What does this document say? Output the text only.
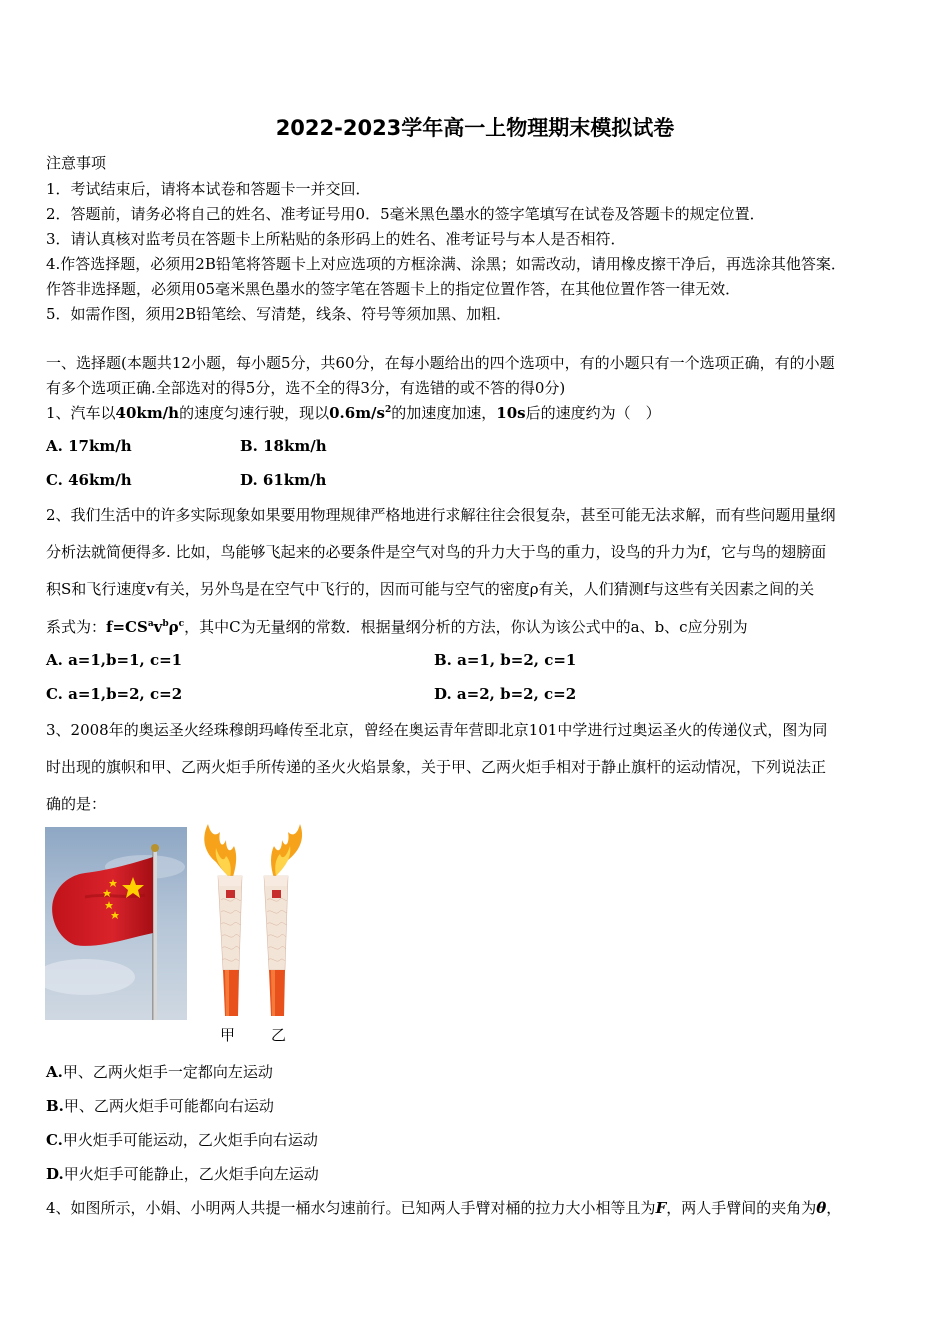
2022-2023学年高一上物理期末模拟试卷
注意事项
1．考试结束后，请将本试卷和答题卡一并交回．
2．答题前，请务必将自己的姓名、准考证号用0．5毫米黑色墨水的签字笔填写在试卷及答题卡的规定位置．
3．请认真核对监考员在答题卡上所粘贴的条形码上的姓名、准考证号与本人是否相符．
4.作答选择题，必须用2B铅笔将答题卡上对应选项的方框涂满、涂黑；如需改动，请用橡皮擦干净后，再选涂其他答案．
作答非选择题，必须用05毫米黑色墨水的签字笔在答题卡上的指定位置作答，在其他位置作答一律无效．
5．如需作图，须用2B铅笔绘、写清楚，线条、符号等须加黑、加粗．
一、选择题(本题共12小题，每小题5分，共60分，在每小题给出的四个选项中，有的小题只有一个选项正确，有的小题
有多个选项正确.全部选对的得5分，选不全的得3分，有选错的或不答的得0分)
1、汽车以40km/h的速度匀速行驶，现以$0.6m/s^2$的加速度加速，10s后的速度约为（　）
A. 17km/h	B. 18km/h
C. 46km/h	D. 61km/h
2、我们生活中的许多实际现象如果要用物理规律严格地进行求解往往会很复杂，甚至可能无法求解，而有些问题用量纲
分析法就简便得多. 比如，鸟能够飞起来的必要条件是空气对鸟的升力大于鸟的重力，设鸟的升力为f，它与鸟的翅膀面
积S和飞行速度v有关，另外鸟是在空气中飞行的，因而可能与空气的密度ρ有关，人们猜测f与这些有关因素之间的关
系式为：$f=CS^av^b\rho^c$，其中C为无量纲的常数．根据量纲分析的方法，你认为该公式中的a、b、c应分别为
A. a=1,b=1, c=1	B. a=1, b=2, c=1
C. a=1,b=2, c=2	D. a=2, b=2, c=2
3、2008年的奥运圣火经珠穆朗玛峰传至北京，曾经在奥运青年营即北京101中学进行过奥运圣火的传递仪式，图为同
时出现的旗帜和甲、乙两火炬手所传递的圣火火焰景象，关于甲、乙两火炬手相对于静止旗杆的运动情况，下列说法正
确的是：
甲 乙
A.甲、乙两火炬手一定都向左运动
B.甲、乙两火炬手可能都向右运动
C.甲火炬手可能运动，乙火炬手向右运动
D.甲火炬手可能静止，乙火炬手向左运动
4、如图所示，小娟、小明两人共提一桶水匀速前行。已知两人手臂对桶的拉力大小相等且为F，两人手臂间的夹角为θ，
